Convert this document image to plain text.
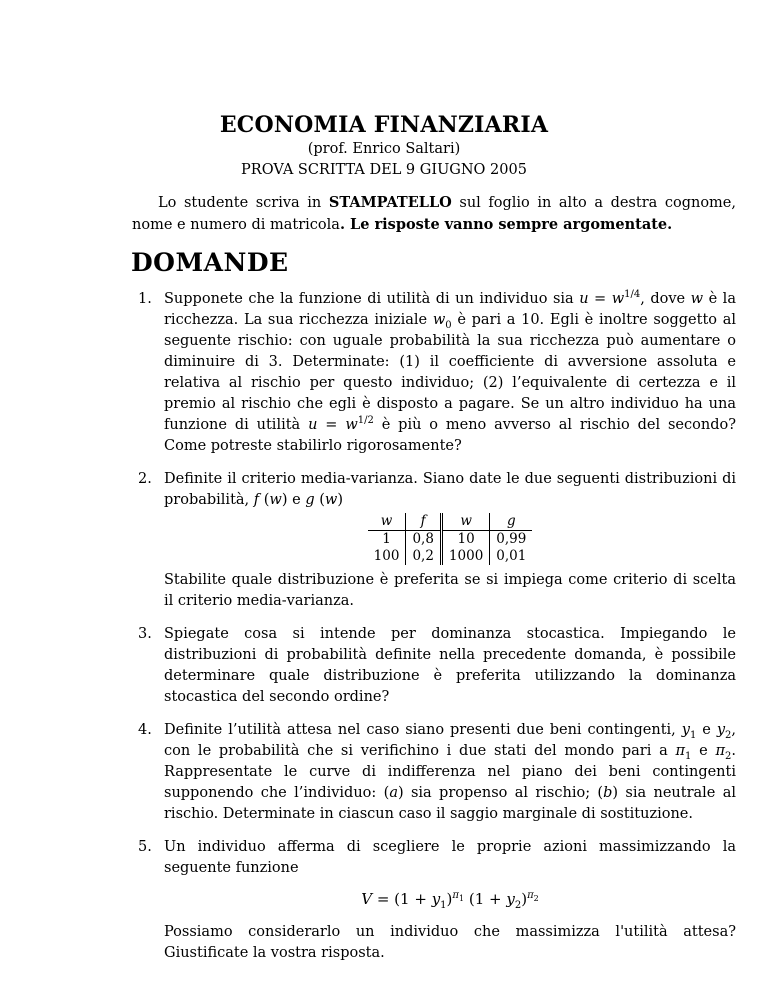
ECONOMIA FINANZIARIA
(prof. Enrico Saltari)
PROVA SCRITTA DEL 9 GIUGNO 2005

Lo studente scriva in STAMPATELLO sul foglio in alto a destra cognome, nome e numero di matricola. Le risposte vanno sempre argomentate.

DOMANDE
1. Supponete che la funzione di utilità di un individuo sia $u = w^{1/4}$, dove w è la ricchezza. La sua ricchezza iniziale $w_0$ è pari a 10. Egli è inoltre soggetto al seguente rischio: con uguale probabilità la sua ricchezza può aumentare o diminuire di 3. Determinate: (1) il coefficiente di avversione assoluta e relativa al rischio per questo individuo; (2) l’equivalente di certezza e il premio al rischio che egli è disposto a pagare. Se un altro individuo ha una funzione di utilità $u = w^{1/2}$ è più o meno avverso al rischio del secondo? Come potreste stabilirlo rigorosamente?

2. Definite il criterio media-varianza. Siano date le due seguenti distribuzioni di probabilità, f (w) e g (w)

w	f	w	g
1	0,8	10	0,99
100	0,2	1000	0,01

Stabilite quale distribuzione è preferita se si impiega come criterio di scelta il criterio media-varianza.

3. Spiegate cosa si intende per dominanza stocastica. Impiegando le distribuzioni di probabilità definite nella precedente domanda, è possibile determinare quale distribuzione è preferita utilizzando la dominanza stocastica del secondo ordine?

4. Definite l’utilità attesa nel caso siano presenti due beni contingenti, $y_1$ e $y_2$, con le probabilità che si verifichino i due stati del mondo pari a $\pi_1$ e $\pi_2$. Rappresentate le curve di indifferenza nel piano dei beni contingenti supponendo che l’individuo: (a) sia propenso al rischio; (b) sia neutrale al rischio. Determinate in ciascun caso il saggio marginale di sostituzione.

5. Un individuo afferma di scegliere le proprie azioni massimizzando la seguente funzione

$V = (1 + y_1)^{\pi_1}$ $(1 + y_2)^{\pi_2}$

Possiamo considerarlo un individuo che massimizza l'utilità attesa? Giustificate la vostra risposta.
